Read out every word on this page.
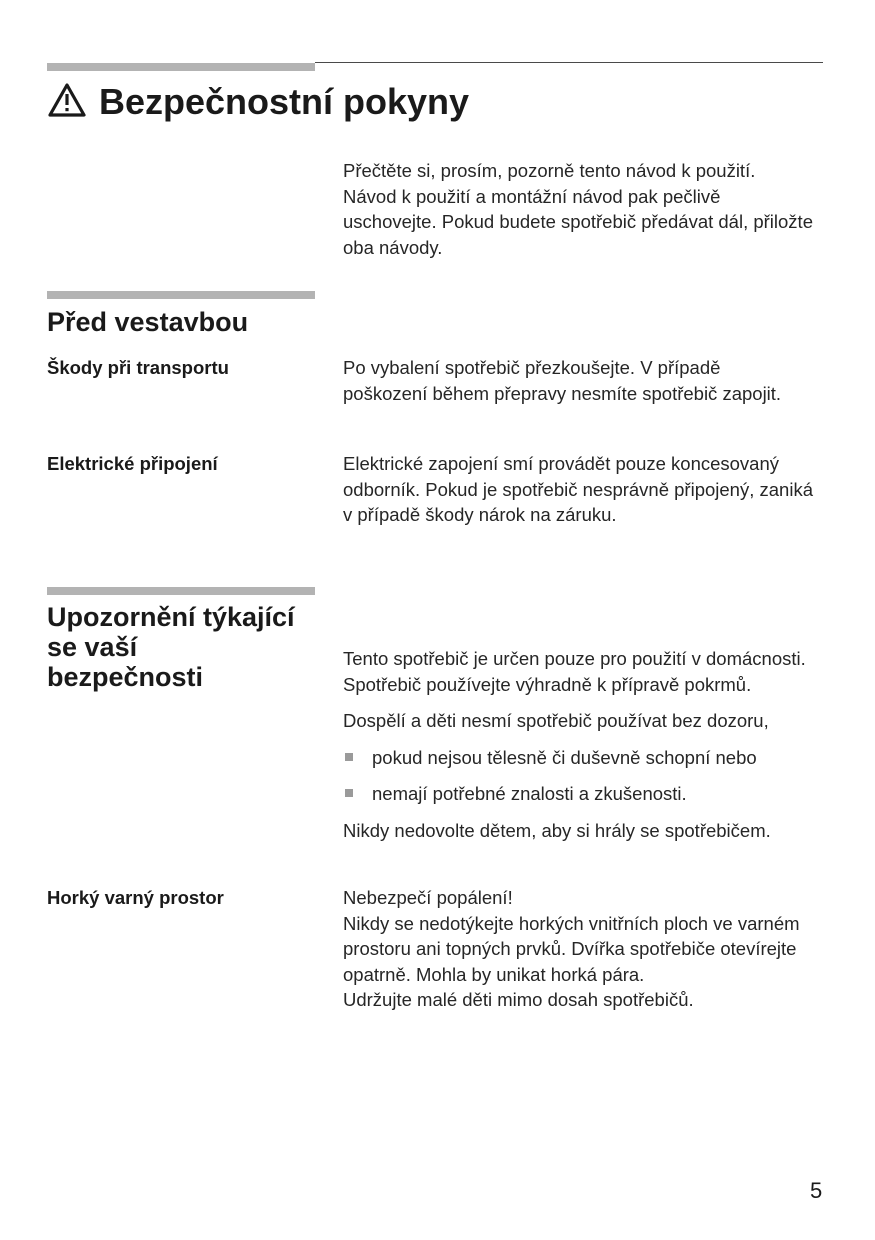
Bezpečnostní pokyny
Přečtěte si, prosím, pozorně tento návod k použití. Návod k použití a montážní návod pak pečlivě uschovejte. Pokud budete spotřebič předávat dál, přiložte oba návody.
Před vestavbou
Škody při transportu	Po vybalení spotřebič přezkoušejte. V případě poškození během přepravy nesmíte spotřebič zapojit.
Elektrické připojení	Elektrické zapojení smí provádět pouze koncesovaný odborník. Pokud je spotřebič nesprávně připojený, zaniká v případě škody nárok na záruku.
Upozornění týkající
se vaší
bezpečnosti

Tento spotřebič je určen pouze pro použití v domácnosti. Spotřebič používejte výhradně k přípravě pokrmů.

Dospělí a děti nesmí spotřebič používat bez dozoru,

pokud nejsou tělesně či duševně schopní nebo
nemají potřebné znalosti a zkušenosti.

Nikdy nedovolte dětem, aby si hrály se spotřebičem.

Horký varný prostor	Nebezpečí popálení!

Nikdy se nedotýkejte horkých vnitřních ploch ve varném prostoru ani topných prvků. Dvířka spotřebiče otevírejte opatrně. Mohla by unikat horká pára.

Udržujte malé děti mimo dosah spotřebičů.

5
